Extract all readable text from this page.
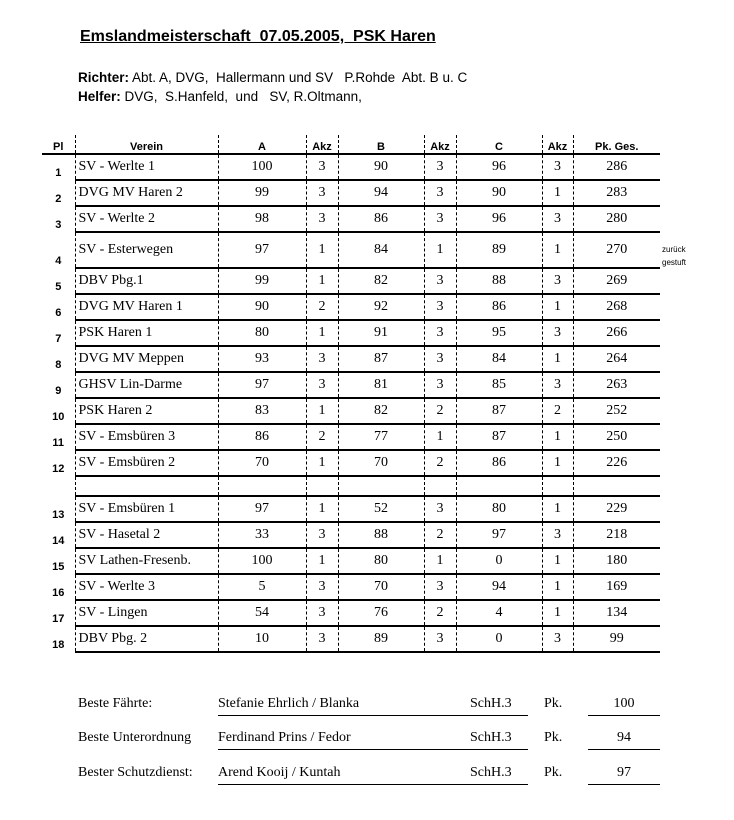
Emslandmeisterschaft  07.05.2005,  PSK Haren
Richter: Abt. A, DVG,  Hallermann und SV   P.Rohde  Abt. B u. C
Helfer: DVG,  S.Hanfeld,  und   SV, R.Oltmann,
Pl	Verein	A	Akz	B	Akz	C	Akz	Pk. Ges.
1	SV - Werlte 1	100	3	90	3	96	3	286
2	DVG MV Haren 2	99	3	94	3	90	1	283
3	SV - Werlte 2	98	3	86	3	96	3	280
4	SV - Esterwegen	97	1	84	1	89	1	270
5	DBV Pbg.1	99	1	82	3	88	3	269
6	DVG MV Haren 1	90	2	92	3	86	1	268
7	PSK Haren 1	80	1	91	3	95	3	266
8	DVG MV Meppen	93	3	87	3	84	1	264
9	GHSV Lin-Darme	97	3	81	3	85	3	263
10	PSK Haren 2	83	1	82	2	87	2	252
11	SV - Emsbüren 3	86	2	77	1	87	1	250
12	SV - Emsbüren 2	70	1	70	2	86	1	226

13	SV - Emsbüren 1	97	1	52	3	80	1	229
14	SV - Hasetal 2	33	3	88	2	97	3	218
15	SV Lathen-Fresenb.	100	1	80	1	0	1	180
16	SV - Werlte 3	5	3	70	3	94	1	169
17	SV - Lingen	54	3	76	2	4	1	134
18	DBV Pbg. 2	10	3	89	3	0	3	99
zurück
gestuft
Beste Fährte:	Stefanie Ehrlich / Blanka	SchH.3 Pk.	100
Beste Unterordnung Ferdinand Prins / Fedor	SchH.3 Pk.	94
Bester Schutzdienst: Arend Kooij / Kuntah	SchH.3 Pk.	97
